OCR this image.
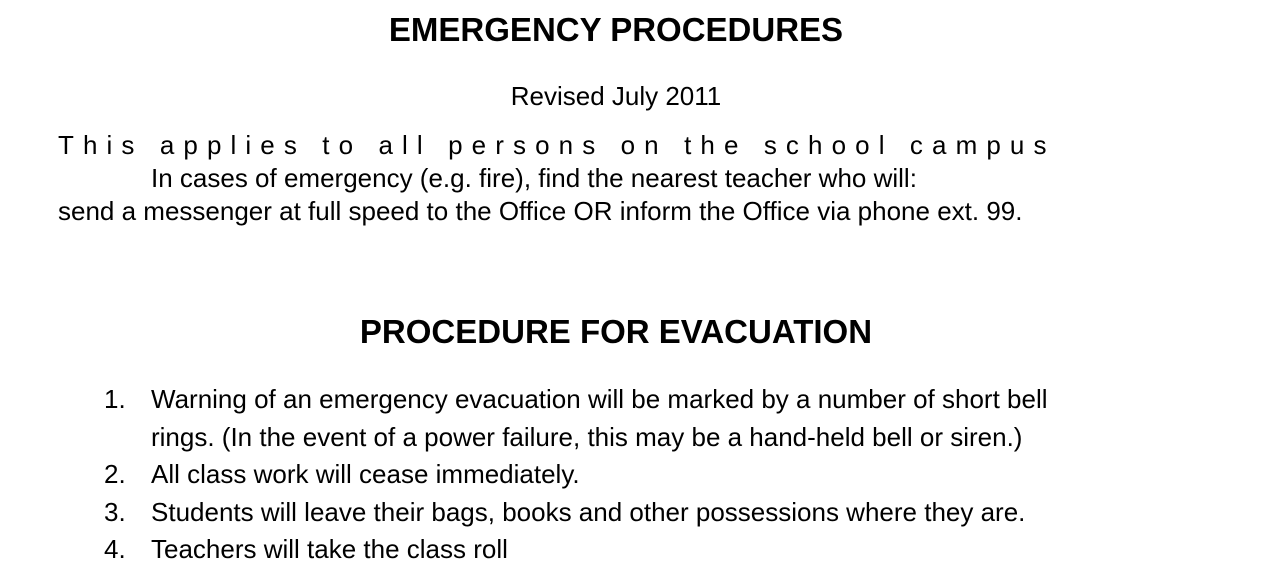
EMERGENCY PROCEDURES
Revised July 2011
This applies to all persons on the school campus
In cases of emergency (e.g. fire), find the nearest teacher who will:
send a messenger at full speed to the Office OR inform the Office via phone ext. 99.
PROCEDURE FOR EVACUATION
1. Warning of an emergency evacuation will be marked by a number of short bell
rings. (In the event of a power failure, this may be a hand-held bell or siren.)
2. All class work will cease immediately.
3. Students will leave their bags, books and other possessions where they are.
4. Teachers will take the class roll
